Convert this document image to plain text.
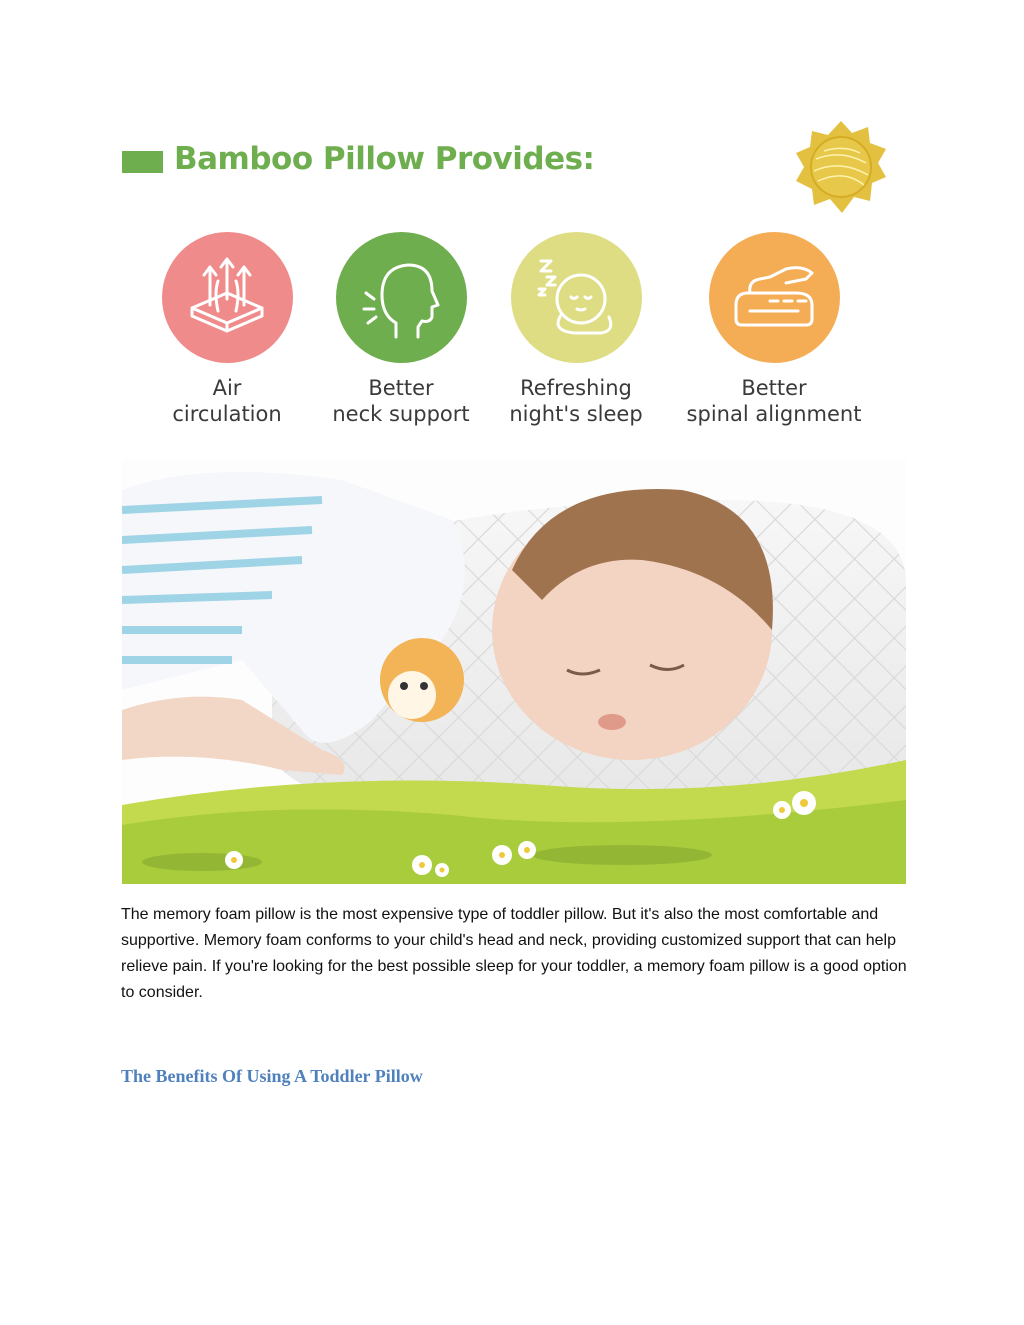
Bamboo Pillow Provides:
Air
circulation
Better
neck support
Refreshing
night's sleep
Better
spinal alignment
The memory foam pillow is the most expensive type of toddler pillow. But it's also the most comfortable and supportive. Memory foam conforms to your child's head and neck, providing customized support that can help relieve pain. If you're looking for the best possible sleep for your toddler, a memory foam pillow is a good option to consider.
The Benefits Of Using A Toddler Pillow
